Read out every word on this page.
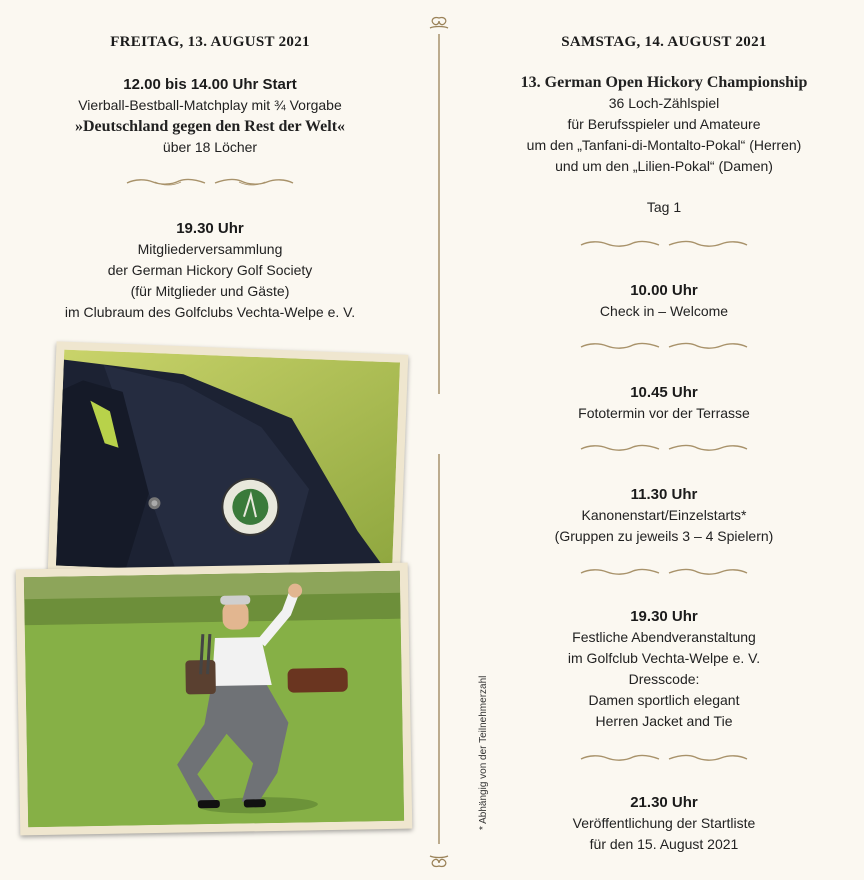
FREITAG, 13. AUGUST 2021
12.00 bis 14.00 Uhr Start
Vierball-Bestball-Matchplay mit ¾ Vorgabe
»Deutschland gegen den Rest der Welt«
über 18 Löcher
19.30 Uhr
Mitgliederversammlung
der German Hickory Golf Society
(für Mitglieder und Gäste)
im Clubraum des Golfclubs Vechta-Welpe e. V.
* Abhängig von der Teilnehmerzahl
SAMSTAG, 14. AUGUST 2021
13. German Open Hickory Championship
36 Loch-Zählspiel
für Berufsspieler und Amateure
um den „Tanfani-di-Montalto-Pokal“ (Herren)
und um den „Lilien-Pokal“ (Damen)
Tag 1
10.00 Uhr
Check in – Welcome
10.45 Uhr
Fototermin vor der Terrasse
11.30 Uhr
Kanonenstart/Einzelstarts*
(Gruppen zu jeweils 3 – 4 Spielern)
19.30 Uhr
Festliche Abendveranstaltung
im Golfclub Vechta-Welpe e. V.
Dresscode:
Damen sportlich elegant
Herren Jacket and Tie
21.30 Uhr
Veröffentlichung der Startliste
für den 15. August 2021
